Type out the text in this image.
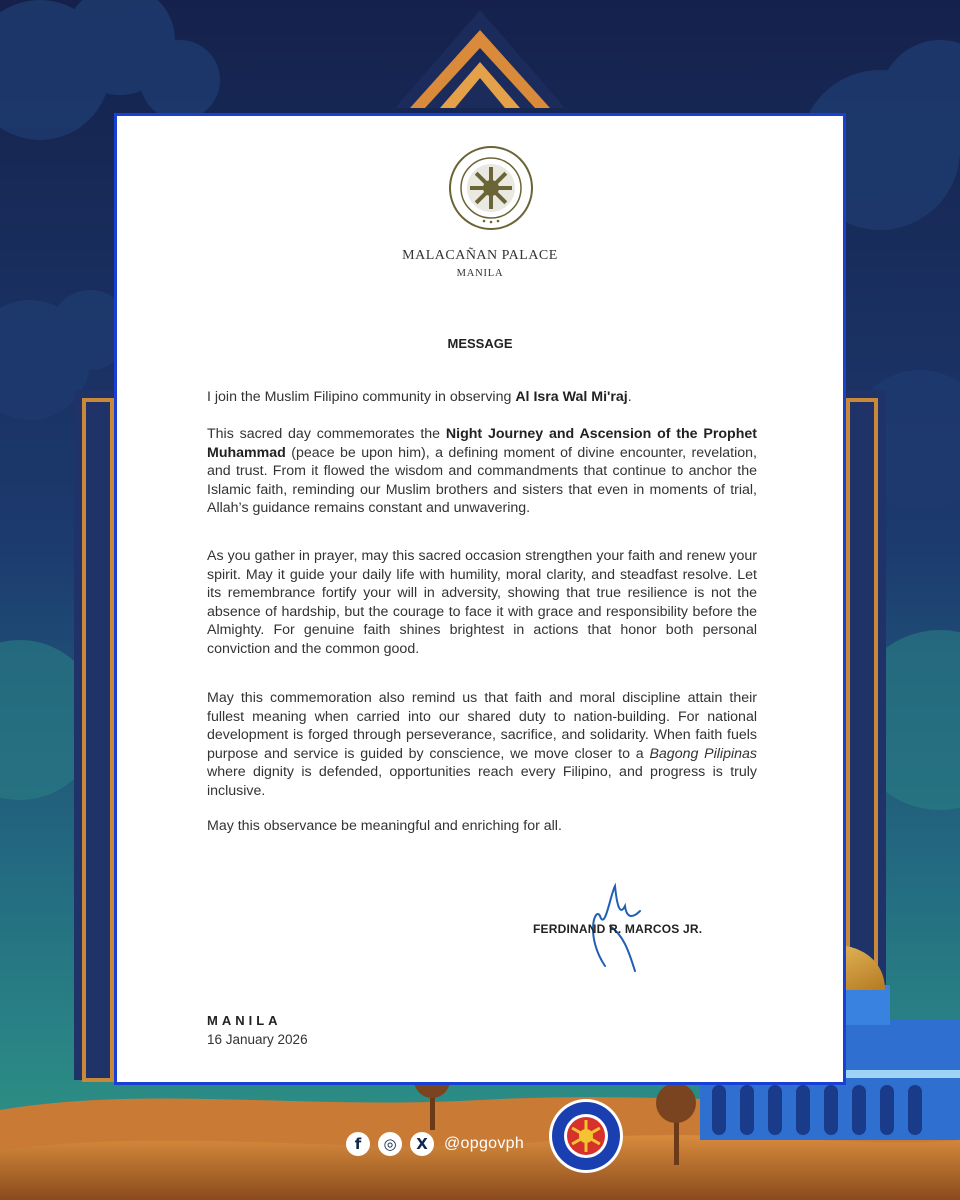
MALACAÑAN PALACE
MANILA
MESSAGE

I join the Muslim Filipino community in observing Al Isra Wal Mi'raj.

This sacred day commemorates the Night Journey and Ascension of the Prophet Muhammad (peace be upon him), a defining moment of divine encounter, revelation, and trust. From it flowed the wisdom and commandments that continue to anchor the Islamic faith, reminding our Muslim brothers and sisters that even in moments of trial, Allah’s guidance remains constant and unwavering.

As you gather in prayer, may this sacred occasion strengthen your faith and renew your spirit. May it guide your daily life with humility, moral clarity, and steadfast resolve. Let its remembrance fortify your will in adversity, showing that true resilience is not the absence of hardship, but the courage to face it with grace and responsibility before the Almighty. For genuine faith shines brightest in actions that honor both personal conviction and the common good.

May this commemoration also remind us that faith and moral discipline attain their fullest meaning when carried into our shared duty to nation-building. For national development is forged through perseverance, sacrifice, and solidarity. When faith fuels purpose and service is guided by conscience, we move closer to a Bagong Pilipinas where dignity is defended, opportunities reach every Filipino, and progress is truly inclusive.

May this observance be meaningful and enriching for all.

FERDINAND R. MARCOS JR.
MANILA
16 January 2026
f	◎	X	@opgovph
